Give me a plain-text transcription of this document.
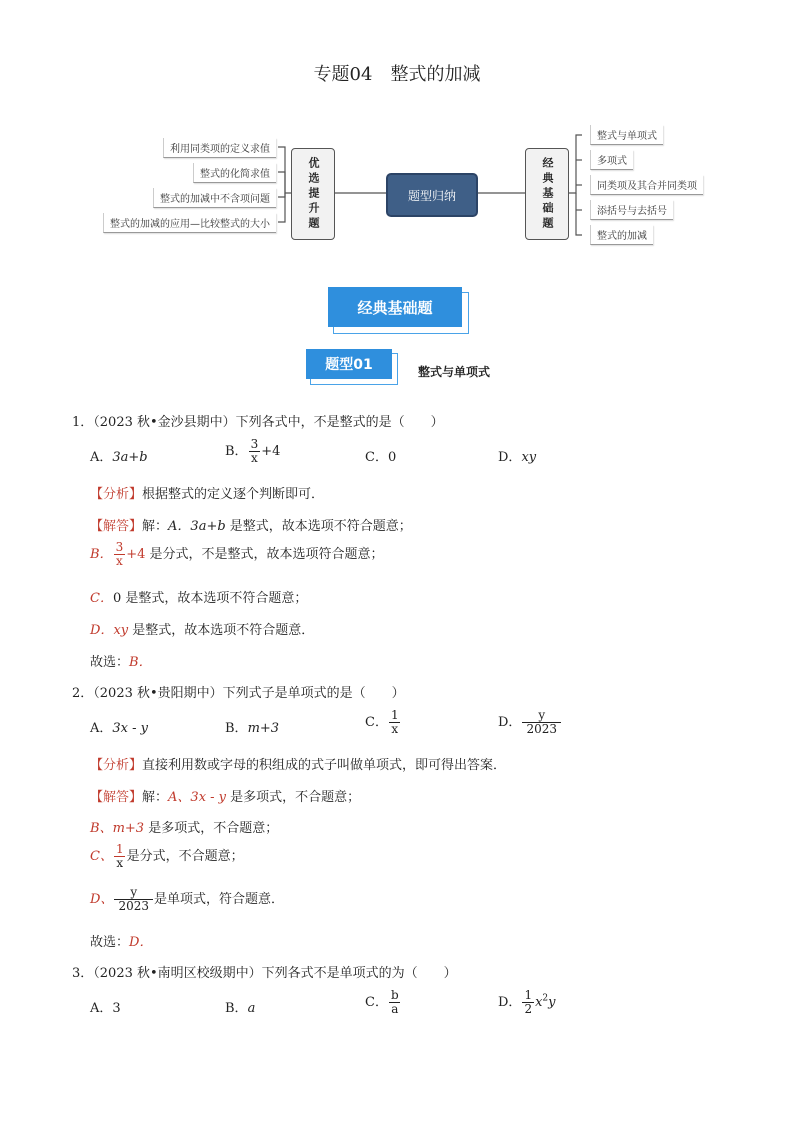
专题04　整式的加减
优选提升题	经典基础题
题型归纳
利用同类项的定义求值
整式的化简求值
整式的加减中不含项问题
整式的加减的应用—比较整式的大小
整式与单项式
多项式
同类项及其合并同类项
添括号与去括号
整式的加减
经典基础题
题型01	整式与单项式
1．（2023 秋•金沙县期中）下列各式中，不是整式的是（　　）
A．3a+b	B． $\frac{3}{x} +4$	C．0	D．xy
【分析】根据整式的定义逐个判断即可．
【解答】解：A．3a+b 是整式，故本选项不符合题意；
B． $\frac{3}{x} +4$ 是分式，不是整式，故本选项符合题意；
C．0 是整式，故本选项不符合题意；
D．xy 是整式，故本选项不符合题意．
故选：B．
2．（2023 秋•贵阳期中）下列式子是单项式的是（　　）
A．3x - y	B．m+3	C． $\frac{1}{x}$	D． $\frac{y}{2023}$
【分析】直接利用数或字母的积组成的式子叫做单项式，即可得出答案．
【解答】解：A、3x - y 是多项式，不合题意；
B、m+3 是多项式，不合题意；
C、 $\frac{1}{x}$ 是分式，不合题意；
D、 $\frac{y}{2023}$ 是单项式，符合题意．
故选：D．
3．（2023 秋•南明区校级期中）下列各式不是单项式的为（　　）
A．3	B．a	C． $\frac{b}{a}$	D． $\frac{1}{2} x^2y$
